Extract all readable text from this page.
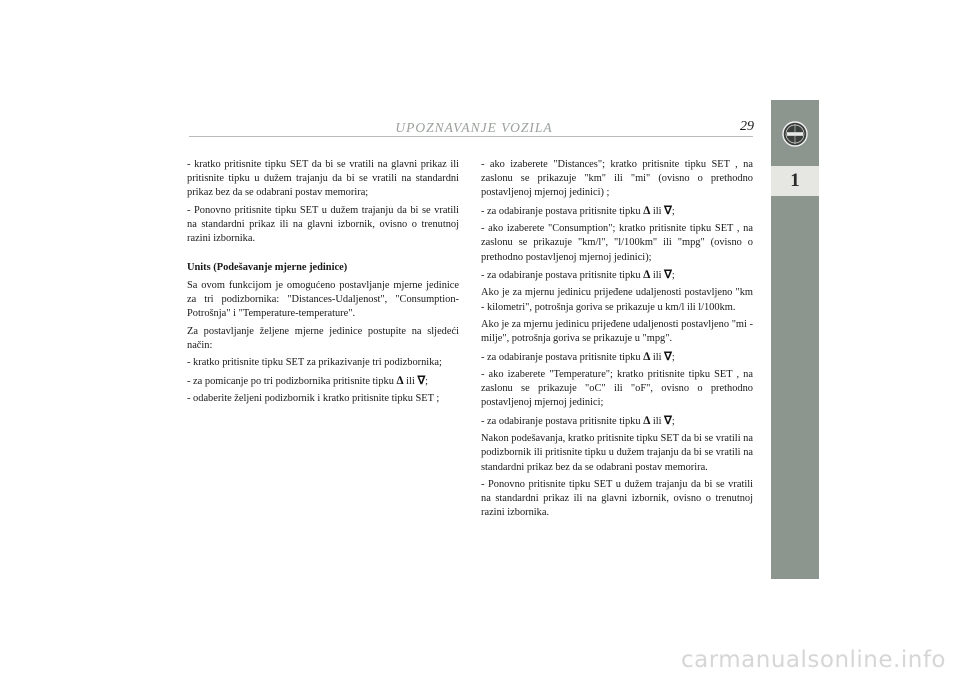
UPOZNAVANJE VOZILA	29
1

- kratko pritisnite tipku SET da bi se vratili na glavni prikaz ili pritisnite tipku u dužem trajanju da bi se vratili na standardni prikaz bez da se odabrani postav memorira;

- Ponovno pritisnite tipku SET u dužem trajanju da bi se vratili na standardni prikaz ili na glavni izbornik, ovisno o trenutnoj razini izbornika.

Units (Podešavanje mjerne jedinice)

Sa ovom funkcijom je omogućeno postavljanje mjerne jedinice za tri podizbornika: "Distances-Udaljenost", "Consumption-Potrošnja" i "Temperature-temperature".

Za postavljanje željene mjerne jedinice postupite na sljedeći način:

- kratko pritisnite tipku SET za prikazivanje tri podizbornika;

- za pomicanje po tri podizbornika pritisnite tipku ∆ ili ∇;

- odaberite željeni podizbornik i kratko pritisnite tipku SET ;

- ako izaberete "Distances"; kratko pritisnite tipku SET , na zaslonu se prikazuje "km" ili "mi" (ovisno o prethodno postavljenoj mjernoj jedinici) ;

- za odabiranje postava pritisnite tipku ∆ ili ∇;

- ako izaberete "Consumption"; kratko pritisnite tipku SET , na zaslonu se prikazuje "km/l", "l/100km" ili "mpg" (ovisno o prethodno postavljenoj mjernoj jedinici);

- za odabiranje postava pritisnite tipku ∆ ili ∇;

Ako je za mjernu jedinicu prijeđene udaljenosti postavljeno "km - kilometri", potrošnja goriva se prikazuje u km/l ili l/100km.

Ako je za mjernu jedinicu prijeđene udaljenosti postavljeno "mi - milje", potrošnja goriva se prikazuje u "mpg".

- za odabiranje postava pritisnite tipku ∆ ili ∇;

- ako izaberete "Temperature"; kratko pritisnite tipku SET , na zaslonu se prikazuje "oC" ili "oF", ovisno o prethodno postavljenoj mjernoj jedinici;

- za odabiranje postava pritisnite tipku ∆ ili ∇;

Nakon podešavanja, kratko pritisnite tipku SET da bi se vratili na podizbornik ili pritisnite tipku u dužem trajanju da bi se vratili na standardni prikaz bez da se odabrani postav memorira.

- Ponovno pritisnite tipku SET u dužem trajanju da bi se vratili na standardni prikaz ili na glavni izbornik, ovisno o trenutnoj razini izbornika.

carmanualsonline.info
